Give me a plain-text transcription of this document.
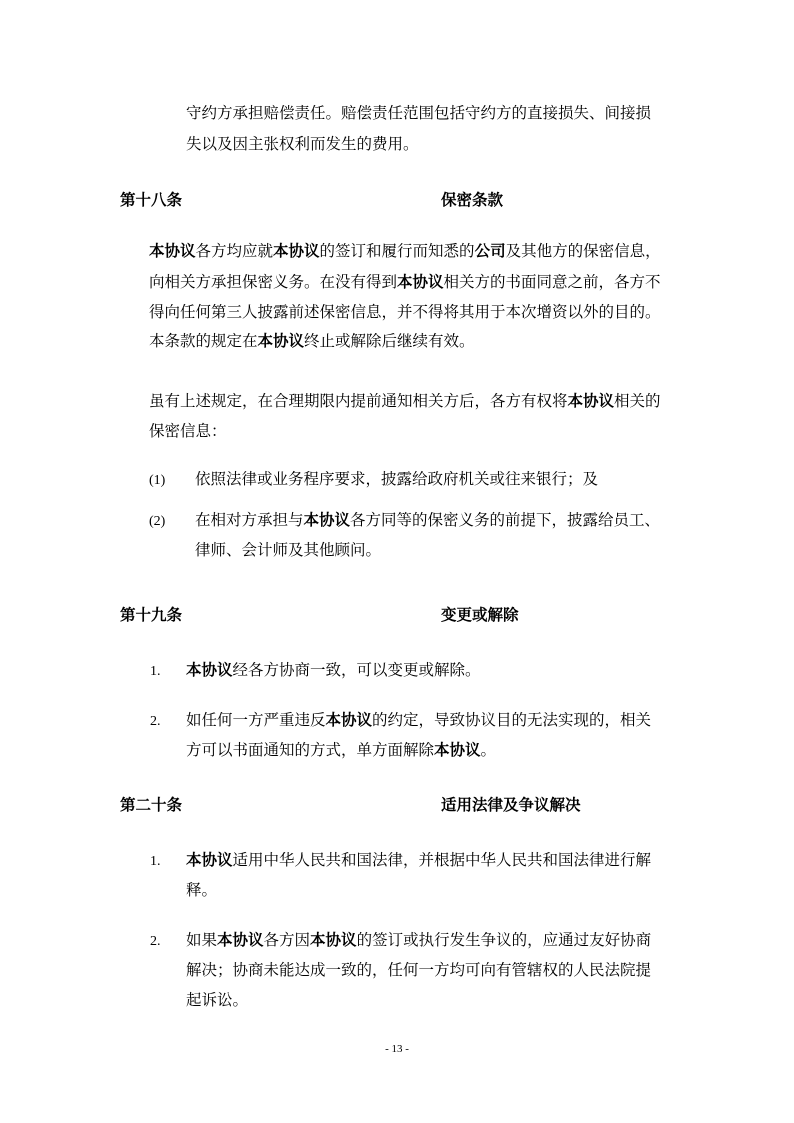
守约方承担赔偿责任。赔偿责任范围包括守约方的直接损失、间接损
失以及因主张权利而发生的费用。
第十八条	保密条款
本协议各方均应就本协议的签订和履行而知悉的公司及其他方的保密信息，
向相关方承担保密义务。在没有得到本协议相关方的书面同意之前，各方不
得向任何第三人披露前述保密信息，并不得将其用于本次增资以外的目的。
本条款的规定在本协议终止或解除后继续有效。
虽有上述规定，在合理期限内提前通知相关方后，各方有权将本协议相关的
保密信息：
(1) 依照法律或业务程序要求，披露给政府机关或往来银行；及
(2) 在相对方承担与本协议各方同等的保密义务的前提下，披露给员工、
律师、会计师及其他顾问。
第十九条	变更或解除
1. 本协议经各方协商一致，可以变更或解除。
2. 如任何一方严重违反本协议的约定，导致协议目的无法实现的，相关
方可以书面通知的方式，单方面解除本协议。
第二十条	适用法律及争议解决
1. 本协议适用中华人民共和国法律，并根据中华人民共和国法律进行解
释。
2. 如果本协议各方因本协议的签订或执行发生争议的，应通过友好协商
解决；协商未能达成一致的，任何一方均可向有管辖权的人民法院提
起诉讼。
- 13 -
